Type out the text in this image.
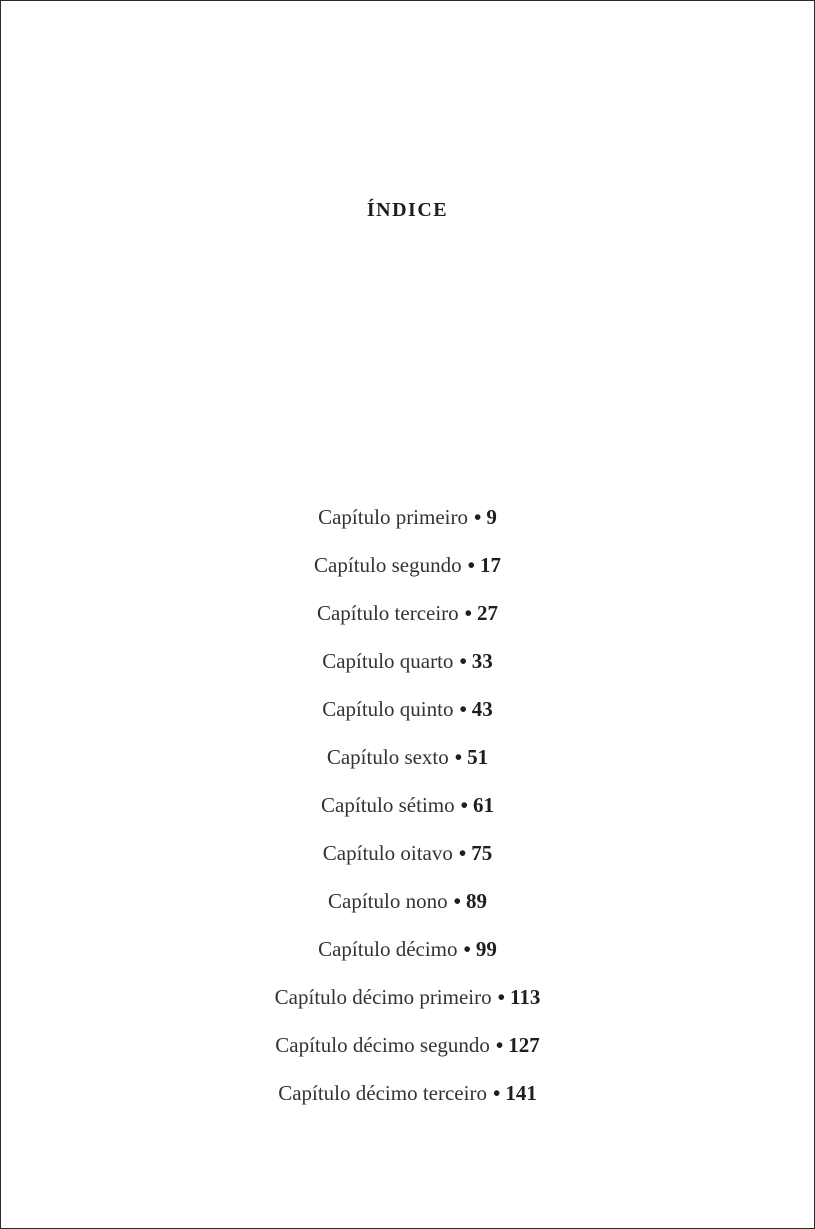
ÍNDICE
Capítulo primeiro • 9
Capítulo segundo • 17
Capítulo terceiro • 27
Capítulo quarto • 33
Capítulo quinto • 43
Capítulo sexto • 51
Capítulo sétimo • 61
Capítulo oitavo • 75
Capítulo nono • 89
Capítulo décimo • 99
Capítulo décimo primeiro • 113
Capítulo décimo segundo • 127
Capítulo décimo terceiro • 141
